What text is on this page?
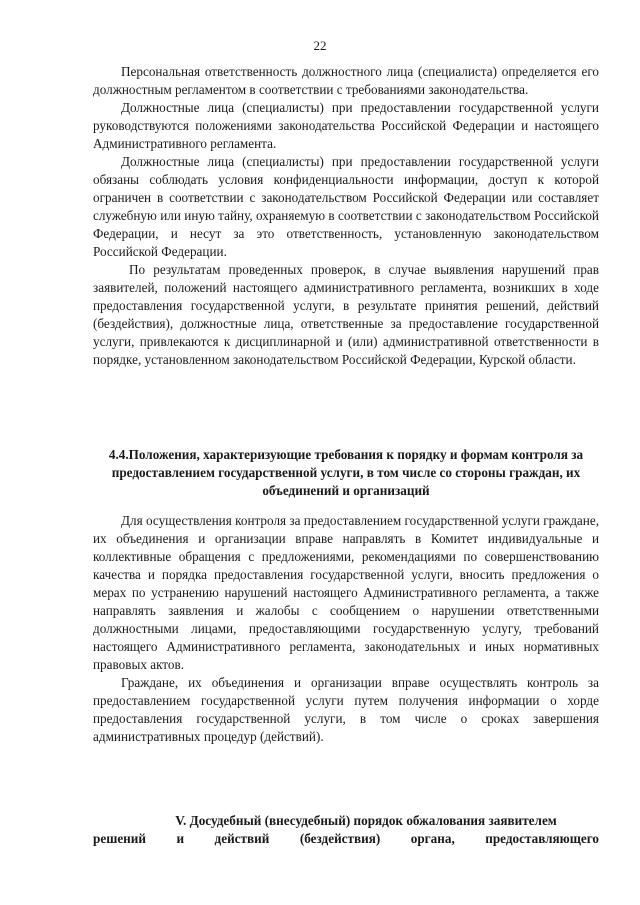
22

Персональная ответственность должностного лица (специалиста) определяется его должностным регламентом в соответствии с требованиями законодательства.

Должностные лица (специалисты) при предоставлении государственной услуги руководствуются положениями законодательства Российской Федерации и настоящего Административного регламента.

Должностные лица (специалисты) при предоставлении государственной услуги обязаны соблюдать условия конфиденциальности информации, доступ к которой ограничен в соответствии с законодательством Российской Федерации или составляет служебную или иную тайну, охраняемую в соответствии с законодательством Российской Федерации, и несут за это ответственность, установленную законодательством Российской Федерации.

По результатам проведенных проверок, в случае выявления нарушений прав заявителей, положений настоящего административного регламента, возникших в ходе предоставления государственной услуги, в результате принятия решений, действий (бездействия), должностные лица, ответственные за предоставление государственной услуги, привлекаются к дисциплинарной и (или) административной ответственности в порядке, установленном законодательством Российской Федерации, Курской области.

4.4.Положения, характеризующие требования к порядку и формам контроля за предоставлением государственной услуги, в том числе со стороны граждан, их объединений и организаций

Для осуществления контроля за предоставлением государственной услуги граждане, их объединения и организации вправе направлять в Комитет индивидуальные и коллективные обращения с предложениями, рекомендациями по совершенствованию качества и порядка предоставления государственной услуги, вносить предложения о мерах по устранению нарушений настоящего Административного регламента, а также направлять заявления и жалобы с сообщением о нарушении ответственными должностными лицами, предоставляющими государственную услугу, требований настоящего Административного регламента, законодательных и иных нормативных правовых актов.

Граждане, их объединения и организации вправе осуществлять контроль за предоставлением государственной услуги путем получения информации о хорде предоставления государственной услуги, в том числе о сроках завершения административных процедур (действий).

V. Досудебный (внесудебный) порядок обжалования заявителем

решений и действий (бездействия) органа, предоставляющего
